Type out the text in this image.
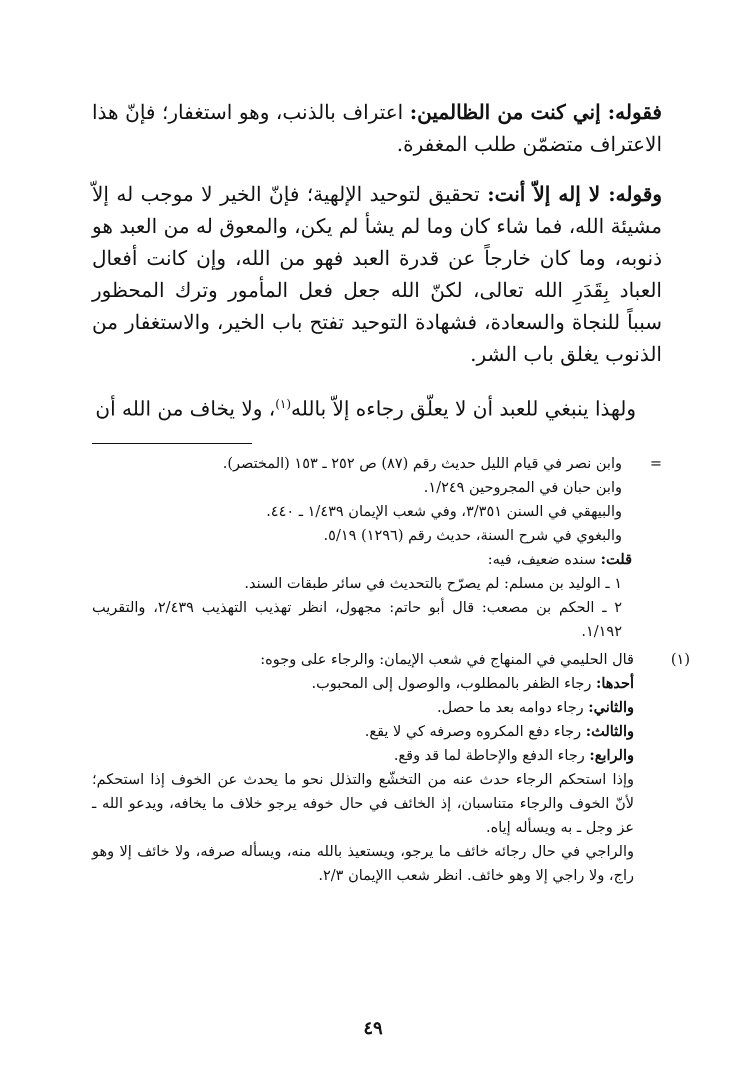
فقوله: إني كنت من الظالمين: اعتراف بالذنب، وهو استغفار؛ فإنّ هذا الاعتراف متضمّن طلب المغفرة.

وقوله: لا إله إلاّ أنت: تحقيق لتوحيد الإلهية؛ فإنّ الخير لا موجب له إلاّ مشيئة الله، فما شاء كان وما لم يشأ لم يكن، والمعوق له من العبد هو ذنوبه، وما كان خارجاً عن قدرة العبد فهو من الله، وإن كانت أفعال العباد بِقَدَرِ الله تعالى، لكنّ الله جعل فعل المأمور وترك المحظور سبباً للنجاة والسعادة، فشهادة التوحيد تفتح باب الخير، والاستغفار من الذنوب يغلق باب الشر.

ولهذا ينبغي للعبد أن لا يعلّق رجاءه إلاّ بالله$^{(١)}$، ولا يخاف من الله أن

=
وابن نصر في قيام الليل حديث رقم (٨٧) ص ٢٥٢ ـ ١٥٣ (المختصر).
وابن حبان في المجروحين ١/٢٤٩.
والبيهقي في السنن ٣/٣٥١، وفي شعب الإيمان ١/٤٣٩ ـ ٤٤٠.
والبغوي في شرح السنة، حديث رقم (١٢٩٦) ٥/١٩.
قلت: سنده ضعيف، فيه:
١ ـ الوليد بن مسلم: لم يصرّح بالتحديث في سائر طبقات السند.
٢ ـ الحكم بن مصعب: قال أبو حاتم: مجهول، انظر تهذيب التهذيب ٢/٤٣٩، والتقريب ١/١٩٢.
(١)قال الحليمي في المنهاج في شعب الإيمان: والرجاء على وجوه:
أحدها: رجاء الظفر بالمطلوب، والوصول إلى المحبوب.
والثاني: رجاء دوامه بعد ما حصل.
والثالث: رجاء دفع المكروه وصرفه كي لا يقع.
والرابع: رجاء الدفع والإحاطة لما قد وقع.
وإذا استحكم الرجاء حدث عنه من التخشّع والتذلل نحو ما يحدث عن الخوف إذا استحكم؛ لأنّ الخوف والرجاء متناسبان، إذ الخائف في حال خوفه يرجو خلاف ما يخافه، ويدعو الله ـ عز وجل ـ به ويسأله إياه.
والراجي في حال رجائه خائف ما يرجو، ويستعيذ بالله منه، ويسأله صرفه، ولا خائف إلا وهو راج، ولا راجي إلا وهو خائف. انظر شعب االإيمان ٢/٣.
٤٩
